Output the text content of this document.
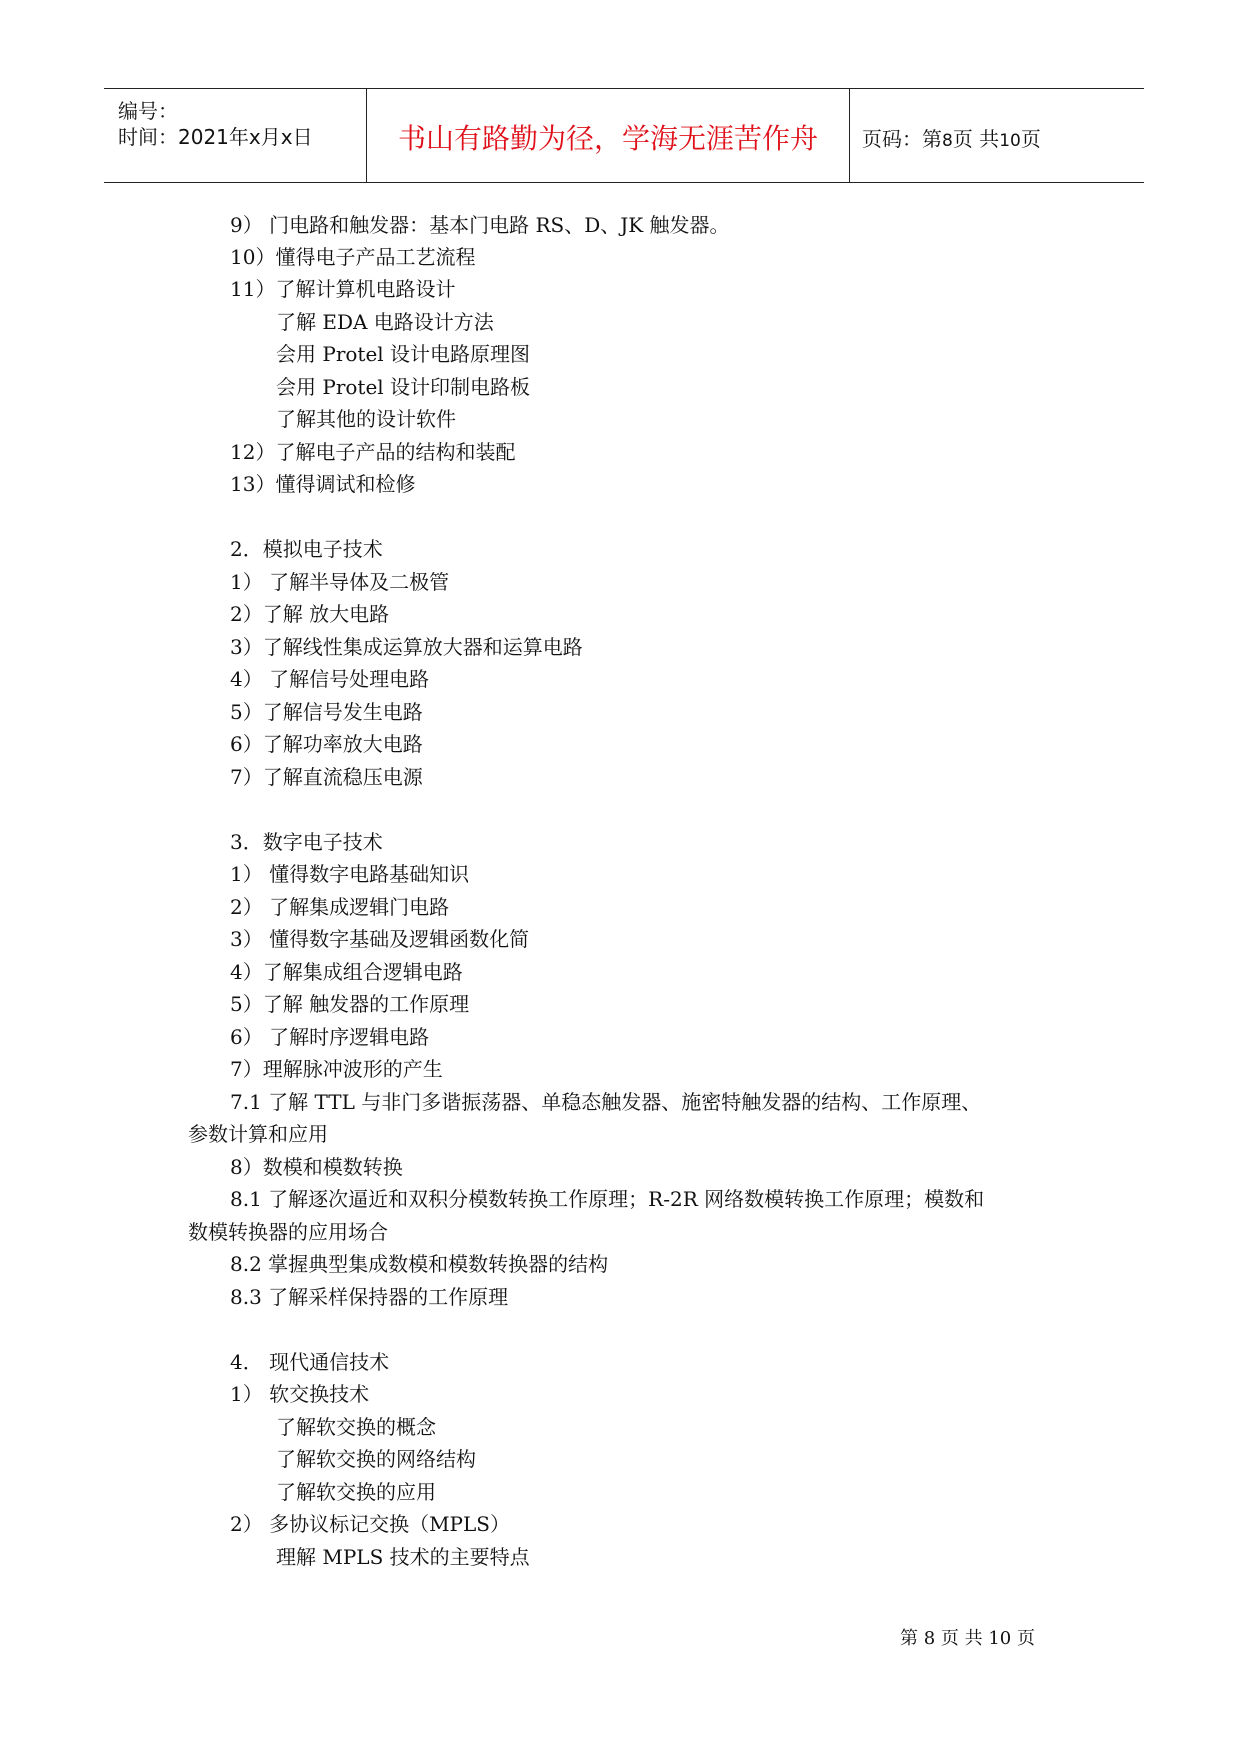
编号：
时间：2021年x月x日	书山有路勤为径，学海无涯苦作舟	页码：第8页 共10页
9） 门电路和触发器：基本门电路 RS、D、JK 触发器。
10）懂得电子产品工艺流程
11）了解计算机电路设计
了解 EDA 电路设计方法
会用 Protel 设计电路原理图
会用 Protel 设计印制电路板
了解其他的设计软件
12）了解电子产品的结构和装配
13）懂得调试和检修
2．模拟电子技术
1） 了解半导体及二极管
2）了解 放大电路
3）了解线性集成运算放大器和运算电路
4） 了解信号处理电路
5）了解信号发生电路
6）了解功率放大电路
7）了解直流稳压电源
3．数字电子技术
1） 懂得数字电路基础知识
2） 了解集成逻辑门电路
3） 懂得数字基础及逻辑函数化简
4）了解集成组合逻辑电路
5）了解 触发器的工作原理
6） 了解时序逻辑电路
7）理解脉冲波形的产生
7.1 了解 TTL 与非门多谐振荡器、单稳态触发器、施密特触发器的结构、工作原理、
参数计算和应用
8）数模和模数转换
8.1 了解逐次逼近和双积分模数转换工作原理；R-2R 网络数模转换工作原理；模数和
数模转换器的应用场合
8.2 掌握典型集成数模和模数转换器的结构
8.3 了解采样保持器的工作原理
4． 现代通信技术
1） 软交换技术
了解软交换的概念
了解软交换的网络结构
了解软交换的应用
2） 多协议标记交换（MPLS）
理解 MPLS 技术的主要特点
第 8 页 共 10 页
